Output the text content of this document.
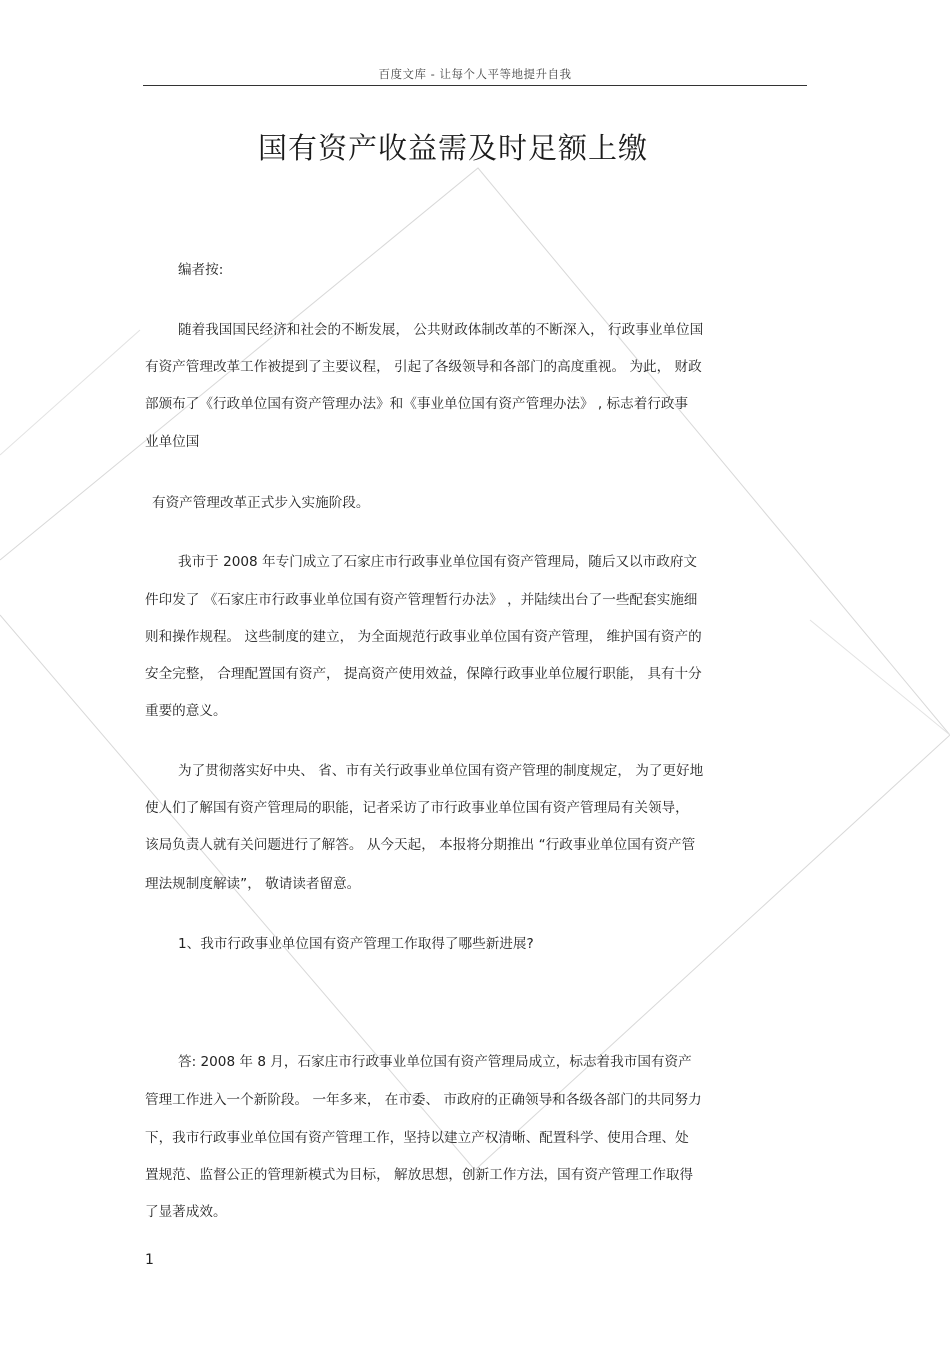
百度文库 - 让每个人平等地提升自我
国有资产收益需及时足额上缴
编者按:
随着我国国民经济和社会的不断发展， 公共财政体制改革的不断深入， 行政事业单位国
有资产管理改革工作被提到了主要议程， 引起了各级领导和各部门的高度重视。 为此， 财政
部颁布了《行政单位国有资产管理办法》和《事业单位国有资产管理办法》 , 标志着行政事
业单位国
有资产管理改革正式步入实施阶段。
我市于 2008 年专门成立了石家庄市行政事业单位国有资产管理局，随后又以市政府文
件印发了 《石家庄市行政事业单位国有资产管理暂行办法》 ，并陆续出台了一些配套实施细
则和操作规程。 这些制度的建立， 为全面规范行政事业单位国有资产管理， 维护国有资产的
安全完整， 合理配置国有资产， 提高资产使用效益，保障行政事业单位履行职能， 具有十分
重要的意义。
为了贯彻落实好中央、 省、市有关行政事业单位国有资产管理的制度规定， 为了更好地
使人们了解国有资产管理局的职能，记者采访了市行政事业单位国有资产管理局有关领导，
该局负责人就有关问题进行了解答。 从今天起， 本报将分期推出 “行政事业单位国有资产管
理法规制度解读”， 敬请读者留意。
1、我市行政事业单位国有资产管理工作取得了哪些新进展?
答: 2008 年 8 月，石家庄市行政事业单位国有资产管理局成立，标志着我市国有资产
管理工作进入一个新阶段。 一年多来， 在市委、 市政府的正确领导和各级各部门的共同努力
下，我市行政事业单位国有资产管理工作，坚持以建立产权清晰、配置科学、使用合理、处
置规范、监督公正的管理新模式为目标， 解放思想，创新工作方法，国有资产管理工作取得
了显著成效。
1
